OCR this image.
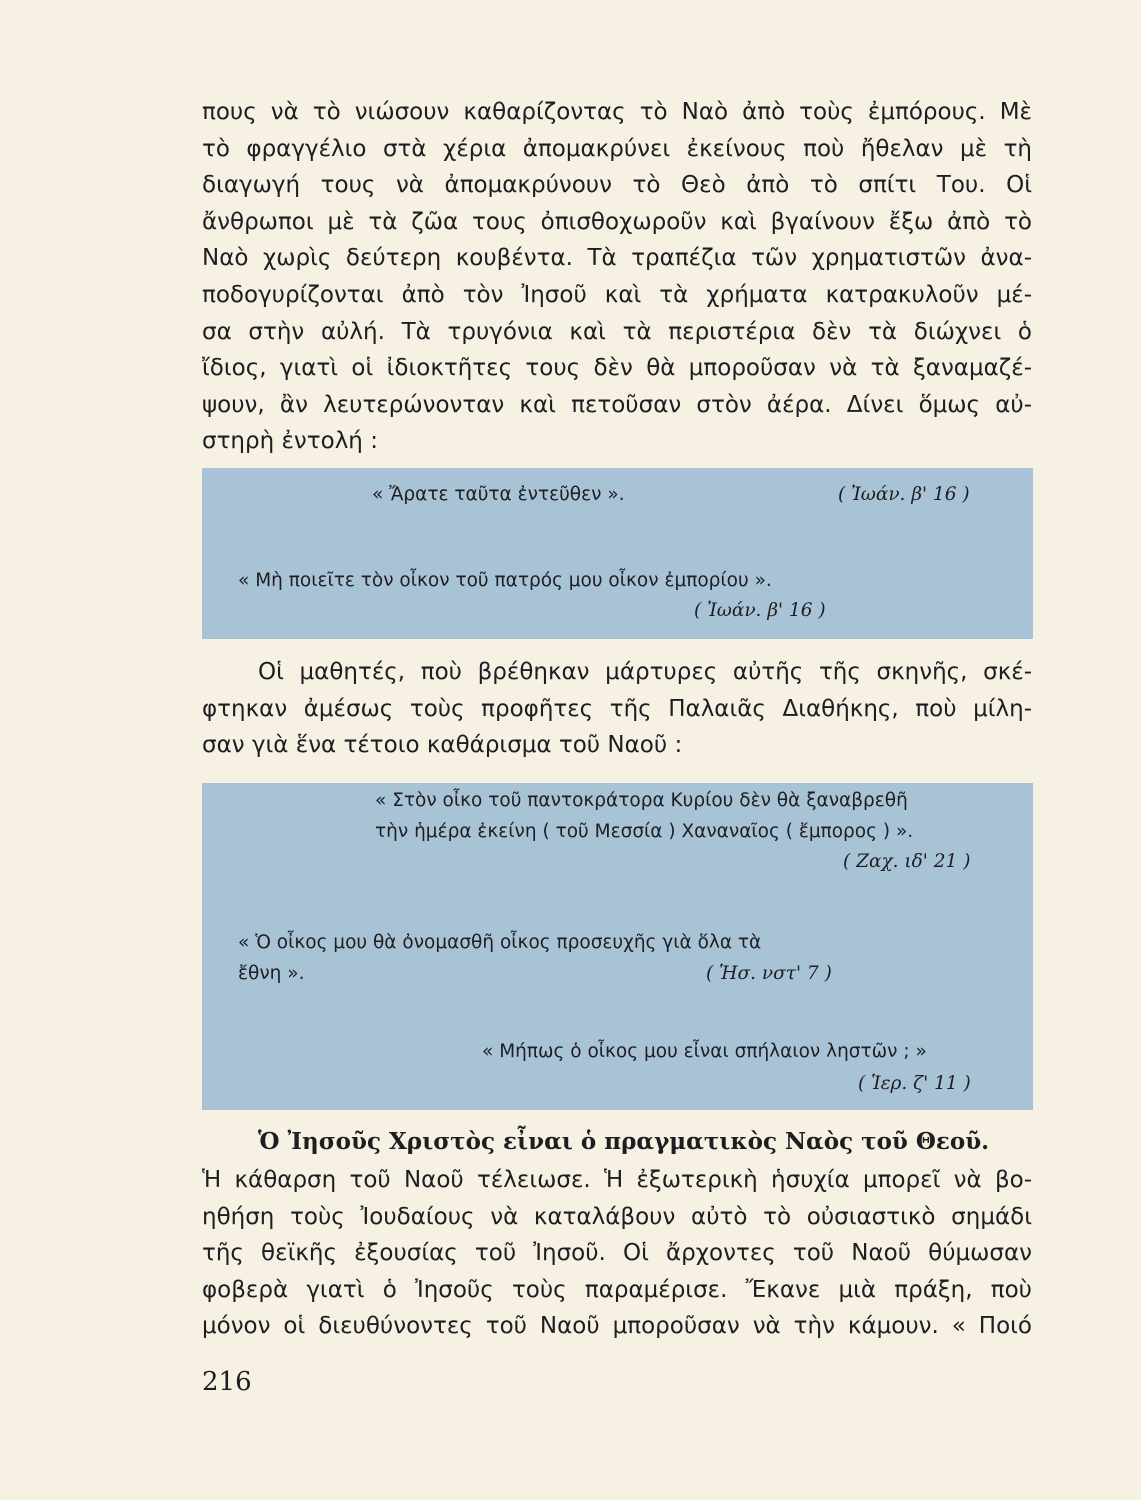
πους νὰ τὸ νιώσουν καθαρίζοντας τὸ Ναὸ ἀπὸ τοὺς ἐμπόρους. Μὲ
τὸ φραγγέλιο στὰ χέρια ἀπομακρύνει ἐκείνους ποὺ ἤθελαν μὲ τὴ
διαγωγή τους νὰ ἀπομακρύνουν τὸ Θεὸ ἀπὸ τὸ σπίτι Του. Οἱ
ἄνθρωποι μὲ τὰ ζῶα τους ὀπισθοχωροῦν καὶ βγαίνουν ἔξω ἀπὸ τὸ
Ναὸ χωρὶς δεύτερη κουβέντα. Τὰ τραπέζια τῶν χρηματιστῶν ἀνα-
ποδογυρίζονται ἀπὸ τὸν Ἰησοῦ καὶ τὰ χρήματα κατρακυλοῦν μέ-
σα στὴν αὐλή. Τὰ τρυγόνια καὶ τὰ περιστέρια δὲν τὰ διώχνει ὁ
ἴδιος, γιατὶ οἱ ἰδιοκτῆτες τους δὲν θὰ μποροῦσαν νὰ τὰ ξαναμαζέ-
ψουν, ἂν λευτερώνονταν καὶ πετοῦσαν στὸν ἀέρα. Δίνει ὅμως αὐ-
στηρὴ ἐντολή :
« Ἄρατε ταῦτα ἐντεῦθεν ».	( Ἰωάν. β' 16 )
« Μὴ ποιεῖτε τὸν οἶκον τοῦ πατρός μου οἶκον ἐμπορίου ».
( Ἰωάν. β' 16 )
Οἱ μαθητές, ποὺ βρέθηκαν μάρτυρες αὐτῆς τῆς σκηνῆς, σκέ-
φτηκαν ἀμέσως τοὺς προφῆτες τῆς Παλαιᾶς Διαθήκης, ποὺ μίλη-
σαν γιὰ ἕνα τέτοιο καθάρισμα τοῦ Ναοῦ :
« Στὸν οἶκο τοῦ παντοκράτορα Κυρίου δὲν θὰ ξαναβρεθῆ
τὴν ἡμέρα ἐκείνη ( τοῦ Μεσσία ) Χαναναῖος ( ἔμπορος ) ».
( Ζαχ. ιδ' 21 )
« Ὁ οἶκος μου θὰ ὀνομασθῆ οἶκος προσευχῆς γιὰ ὅλα τὰ
ἔθνη ».	( Ἡσ. νστ' 7 )
« Μήπως ὁ οἶκος μου εἶναι σπήλαιον ληστῶν ; »
( Ἱερ. ζ' 11 )
Ὁ Ἰησοῦς Χριστὸς εἶναι ὁ πραγματικὸς Ναὸς τοῦ Θεοῦ.
Ἡ κάθαρση τοῦ Ναοῦ τέλειωσε. Ἡ ἐξωτερικὴ ἡσυχία μπορεῖ νὰ βο-
ηθήση τοὺς Ἰουδαίους νὰ καταλάβουν αὐτὸ τὸ οὐσιαστικὸ σημάδι
τῆς θεϊκῆς ἐξουσίας τοῦ Ἰησοῦ. Οἱ ἄρχοντες τοῦ Ναοῦ θύμωσαν
φοβερὰ γιατὶ ὁ Ἰησοῦς τοὺς παραμέρισε. Ἔκανε μιὰ πράξη, ποὺ
μόνον οἱ διευθύνοντες τοῦ Ναοῦ μποροῦσαν νὰ τὴν κάμουν. « Ποιό
216
